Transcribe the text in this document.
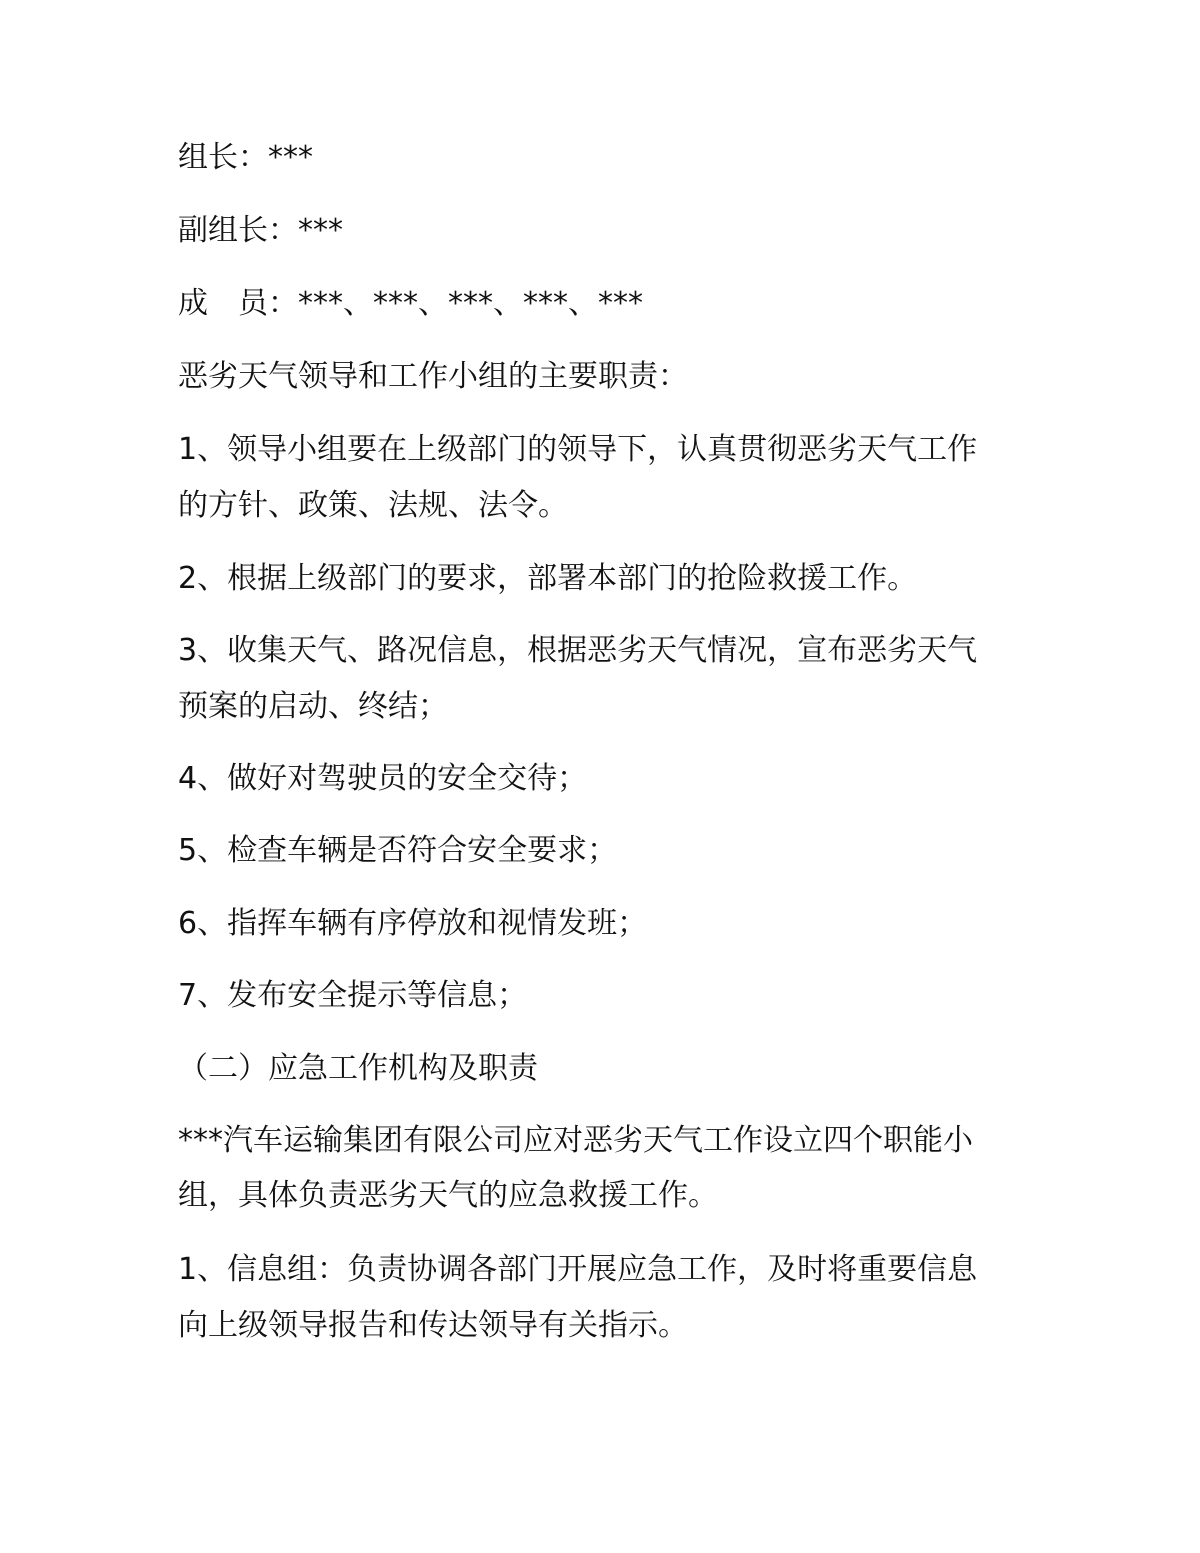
组长：***
副组长：***
成　员：***、***、***、***、***
恶劣天气领导和工作小组的主要职责：
1、领导小组要在上级部门的领导下，认真贯彻恶劣天气工作
的方针、政策、法规、法令。
2、根据上级部门的要求，部署本部门的抢险救援工作。
3、收集天气、路况信息，根据恶劣天气情况，宣布恶劣天气
预案的启动、终结；
4、做好对驾驶员的安全交待；
5、检查车辆是否符合安全要求；
6、指挥车辆有序停放和视情发班；
7、发布安全提示等信息；
（二）应急工作机构及职责
***汽车运输集团有限公司应对恶劣天气工作设立四个职能小
组，具体负责恶劣天气的应急救援工作。
1、信息组：负责协调各部门开展应急工作，及时将重要信息
向上级领导报告和传达领导有关指示。
